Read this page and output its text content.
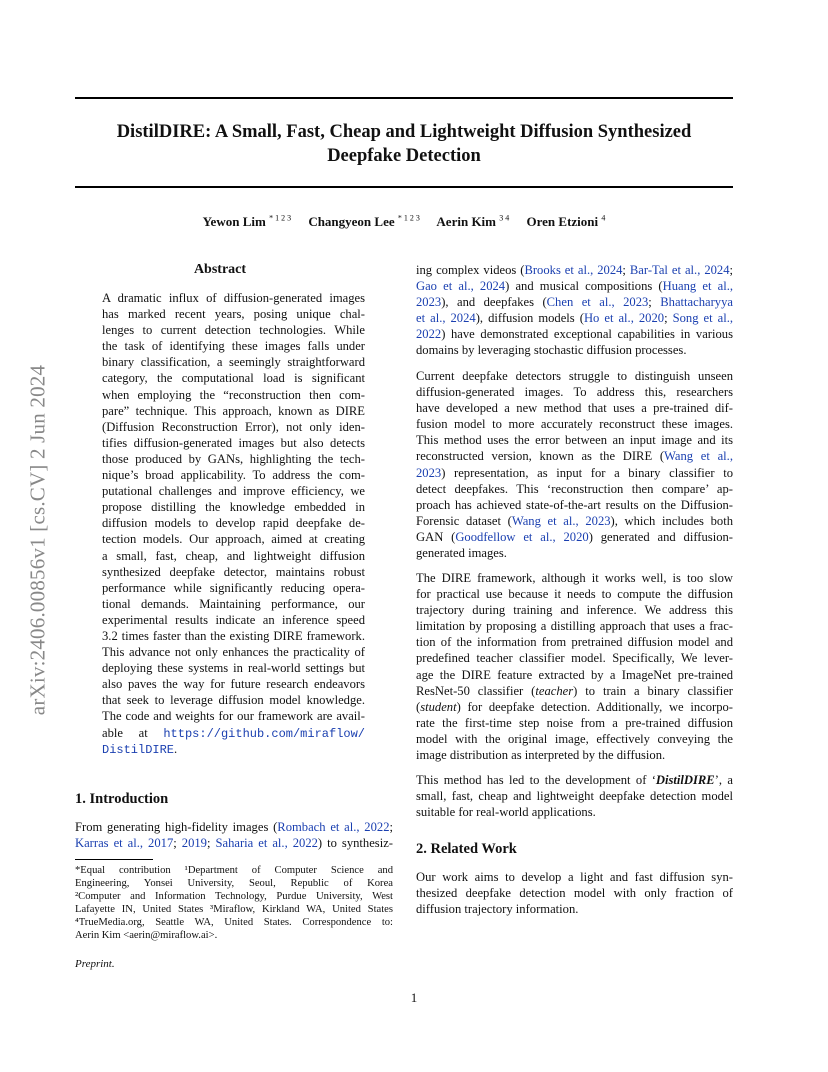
arXiv:2406.00856v1 [cs.CV] 2 Jun 2024
DistilDIRE: A Small, Fast, Cheap and Lightweight Diffusion Synthesized
Deepfake Detection
Yewon Lim $^{* 1 2 3}$ Changyeon Lee $^{* 1 2 3}$ Aerin Kim $^{3 4}$ Oren Etzioni $^4$
Abstract
A dramatic influx of diffusion-generated images
has marked recent years, posing unique chal-
lenges to current detection technologies. While
the task of identifying these images falls under
binary classification, a seemingly straightforward
category, the computational load is significant
when employing the “reconstruction then com-
pare” technique. This approach, known as DIRE
(Diffusion Reconstruction Error), not only iden-
tifies diffusion-generated images but also detects
those produced by GANs, highlighting the tech-
nique’s broad applicability. To address the com-
putational challenges and improve efficiency, we
propose distilling the knowledge embedded in
diffusion models to develop rapid deepfake de-
tection models. Our approach, aimed at creating
a small, fast, cheap, and lightweight diffusion
synthesized deepfake detector, maintains robust
performance while significantly reducing opera-
tional demands. Maintaining performance, our
experimental results indicate an inference speed
3.2 times faster than the existing DIRE framework.
This advance not only enhances the practicality of
deploying these systems in real-world settings but
also paves the way for future research endeavors
that seek to leverage diffusion model knowledge.
The code and weights for our framework are avail-
able at https://github.com/miraflow/
DistilDIRE.
1. Introduction
From generating high-fidelity images (Rombach et al., 2022;
Karras et al., 2017; 2019; Saharia et al., 2022) to synthesiz-
*Equal contribution ¹Department of Computer Science and
Engineering, Yonsei University, Seoul, Republic of Korea
²Computer and Information Technology, Purdue University, West
Lafayette IN, United States ³Miraflow, Kirkland WA, United States
⁴TrueMedia.org, Seattle WA, United States. Correspondence to:
Aerin Kim <aerin@miraflow.ai>.
Preprint.
1
ing complex videos (Brooks et al., 2024; Bar-Tal et al., 2024;
Gao et al., 2024) and musical compositions (Huang et al.,
2023), and deepfakes (Chen et al., 2023; Bhattacharyya
et al., 2024), diffusion models (Ho et al., 2020; Song et al.,
2022) have demonstrated exceptional capabilities in various
domains by leveraging stochastic diffusion processes.
Current deepfake detectors struggle to distinguish unseen
diffusion-generated images. To address this, researchers
have developed a new method that uses a pre-trained dif-
fusion model to more accurately reconstruct these images.
This method uses the error between an input image and its
reconstructed version, known as the DIRE (Wang et al.,
2023) representation, as input for a binary classifier to
detect deepfakes. This ‘reconstruction then compare’ ap-
proach has achieved state-of-the-art results on the Diffusion-
Forensic dataset (Wang et al., 2023), which includes both
GAN (Goodfellow et al., 2020) generated and diffusion-
generated images.
The DIRE framework, although it works well, is too slow
for practical use because it needs to compute the diffusion
trajectory during training and inference. We address this
limitation by proposing a distilling approach that uses a frac-
tion of the information from pretrained diffusion model and
predefined teacher classifier model. Specifically, We lever-
age the DIRE feature extracted by a ImageNet pre-trained
ResNet-50 classifier (teacher) to train a binary classifier
(student) for deepfake detection. Additionally, we incorpo-
rate the first-time step noise from a pre-trained diffusion
model with the original image, effectively conveying the
image distribution as interpreted by the diffusion.
This method has led to the development of ‘DistilDIRE’, a
small, fast, cheap and lightweight deepfake detection model
suitable for real-world applications.
2. Related Work
Our work aims to develop a light and fast diffusion syn-
thesized deepfake detection model with only fraction of
diffusion trajectory information.
